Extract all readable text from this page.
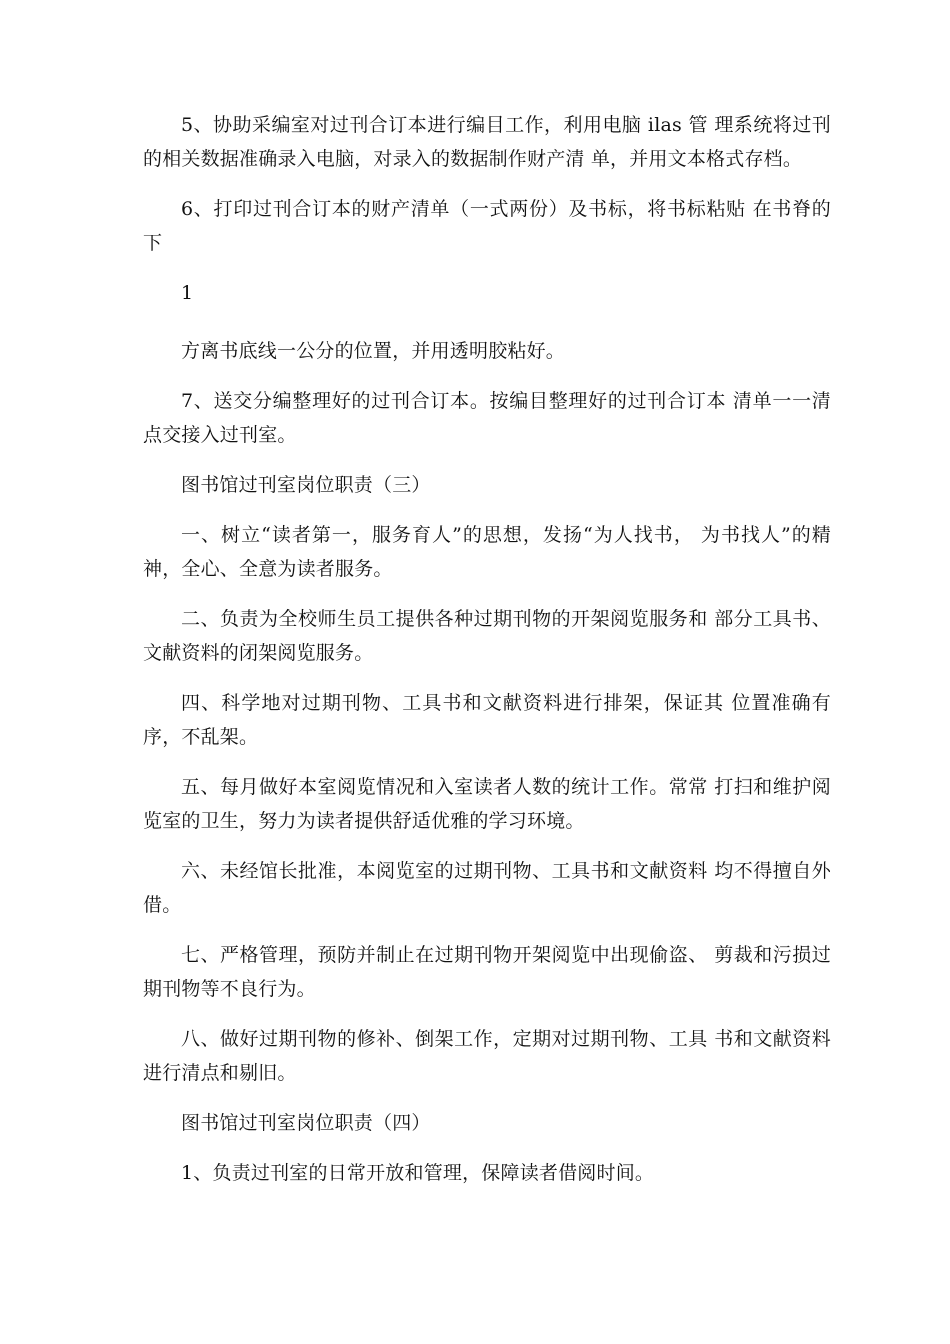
5、协助采编室对过刊合订本进行编目工作，利用电脑 ilas 管 理系统将过刊的相关数据准确录入电脑，对录入的数据制作财产清 单，并用文本格式存档。

6、打印过刊合订本的财产清单（一式两份）及书标，将书标粘贴 在书脊的下

1

方离书底线一公分的位置，并用透明胶粘好。

7、送交分编整理好的过刊合订本。按编目整理好的过刊合订本 清单一一清点交接入过刊室。

图书馆过刊室岗位职责（三）

一、树立“读者第一，服务育人”的思想，发扬“为人找书， 为书找人”的精神，全心、全意为读者服务。

二、负责为全校师生员工提供各种过期刊物的开架阅览服务和 部分工具书、文献资料的闭架阅览服务。

四、科学地对过期刊物、工具书和文献资料进行排架，保证其 位置准确有序，不乱架。

五、每月做好本室阅览情况和入室读者人数的统计工作。常常 打扫和维护阅览室的卫生，努力为读者提供舒适优雅的学习环境。

六、未经馆长批准，本阅览室的过期刊物、工具书和文献资料 均不得擅自外借。

七、严格管理，预防并制止在过期刊物开架阅览中出现偷盗、 剪裁和污损过期刊物等不良行为。

八、做好过期刊物的修补、倒架工作，定期对过期刊物、工具 书和文献资料进行清点和剔旧。

图书馆过刊室岗位职责（四）

1、负责过刊室的日常开放和管理，保障读者借阅时间。
